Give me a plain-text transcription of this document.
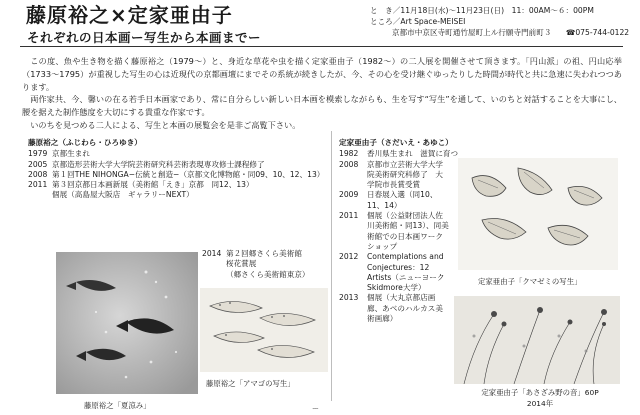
藤原裕之×定家亜由子
それぞれの日本画ー写生から本画までー
と　き／11月18日(水)〜11月23日(日)　11：00AM〜６：00PM
ところ／Art Space-MEISEI
京都市中京区寺町通竹屋町上ル行願寺門前町３ ☎075-744-0122

この度、魚や生き物を描く藤原裕之（1979〜）と、身近な草花や虫を描く定家亜由子（1982〜）の二人展を開催させて頂きます。「円山派」の祖、円山応挙（1733〜1795）が重視した写生の心は近現代の京都画壇にまでその系統が続きしたが、今、その心を受け継ぐゆったりした時間が時代と共に急速に失われつつあります。

両作家共、今、馨いの在る若手日本画家であり、常に自分らしい新しい日本画を模索しながらも、生を写す“写生”を通して、いのちと対話することを大事にし、腰を据えた制作態度を大切にする貴重な作家です。

いのちを見つめる二人による、写生と本画の展覧会を是非ご高覧下さい。

藤原裕之（ふじわら・ひろゆき）
1979 京都生まれ
2005 京都造形芸術大学大学院芸術研究科芸術表現専攻修士課程修了
2008 第１回THE NIHONGA−伝統と創造−（京都文化博物館・同09、10、12、13）
2011 第３回京都日本画新展（美術館「えき」京都　同12、13）
個展（高島屋大阪店　ギャラリーNEXT）
2014 第２回郷さくら美術館
桜花賞展
（郷さくら美術館東京）
藤原裕之「夏涼み」
藤原裕之「アマゴの写生」
定家亜由子（さだいえ・あゆこ）
1982	香川県生まれ　滋賀に育つ
2008	京都市立芸術大学大学院美術研究科修了　大学院市長賞受賞
2009	日春展入選（同10、11、14）
2011	個展（公益財団法人佐川美術館・同13）、同美術館での日本画ワークショップ
2012	Contemplations and Conjectures：12 Artists（ニューヨーク Skidmore大学）
2013	個展（大丸京都店画廊、あべのハルカス美術画廊）
定家亜由子「クマゼミの写生」
定家亜由子「あさざみ野の音」60P
2014年
ー
